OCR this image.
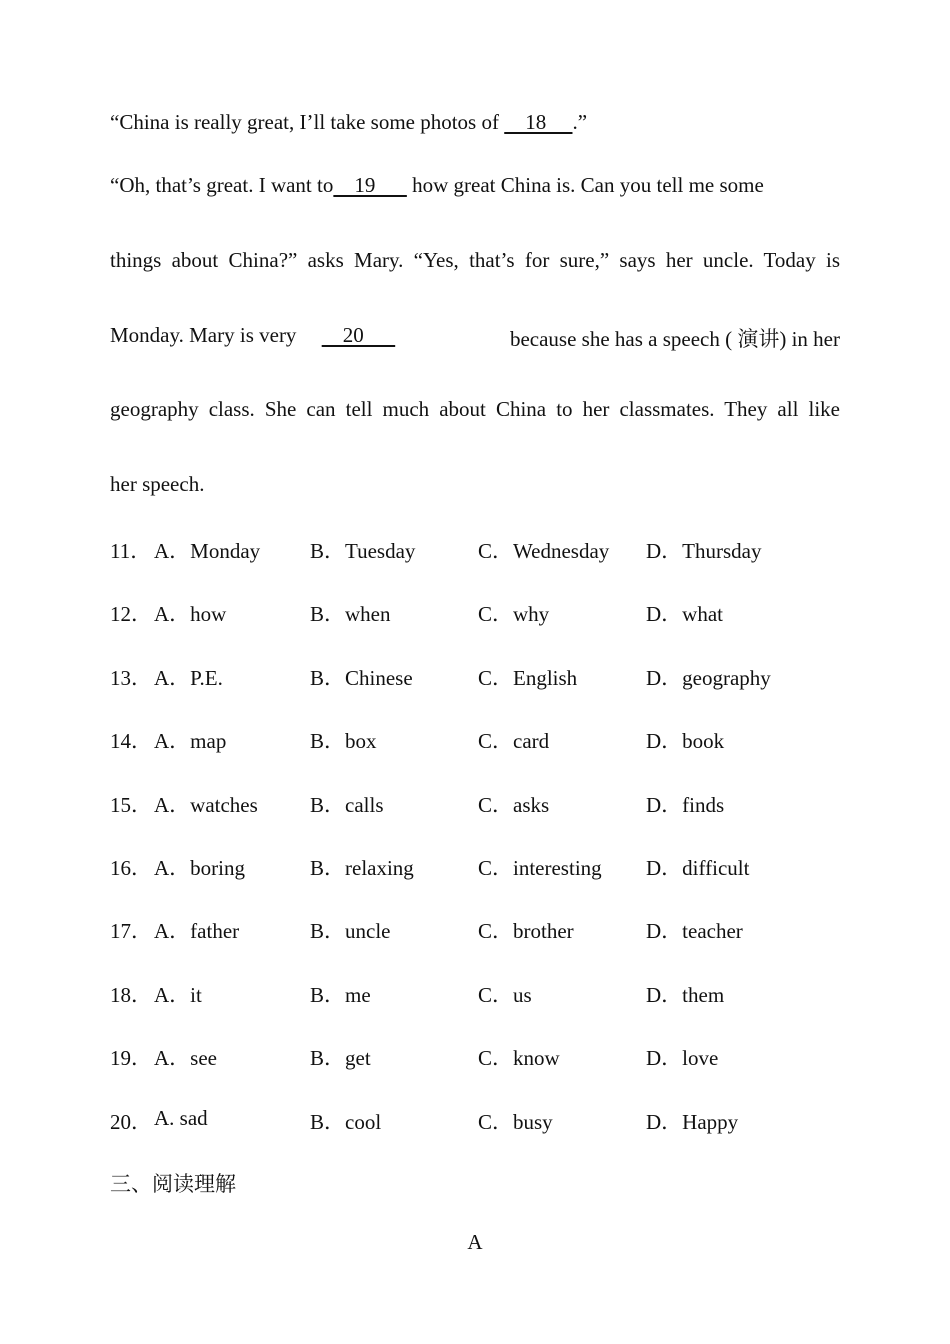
“China is really great, I’ll take some photos of     18     .”
“Oh, that’s great. I want to    19       how great China is. Can you tell me some
things about China?” asks Mary. “Yes, that’s for sure,” says her uncle. Today is
Monday. Mary is very     20	because she has a speech ( 演讲) in her
geography class. She can tell much about China to her classmates. They all like
her speech.
11． A．Monday B．Tuesday	C．Wednesday D．Thursday
12． A．how	B．when	C．why	D．what
13． A．P.E.	B．Chinese	C．English	D．geography
14． A．map	B．box	C．card	D．book
15． A．watches B．calls	C．asks	D．finds
16． A．boring	B．relaxing	C．interesting D．difficult
17． A．father	B．uncle	C．brother	D．teacher
18． A．it	B．me	C．us	D．them
19． A．see	B．get	C．know	D．love
20． A. sad	B．cool	C．busy	D．Happy
三、阅读理解
A
